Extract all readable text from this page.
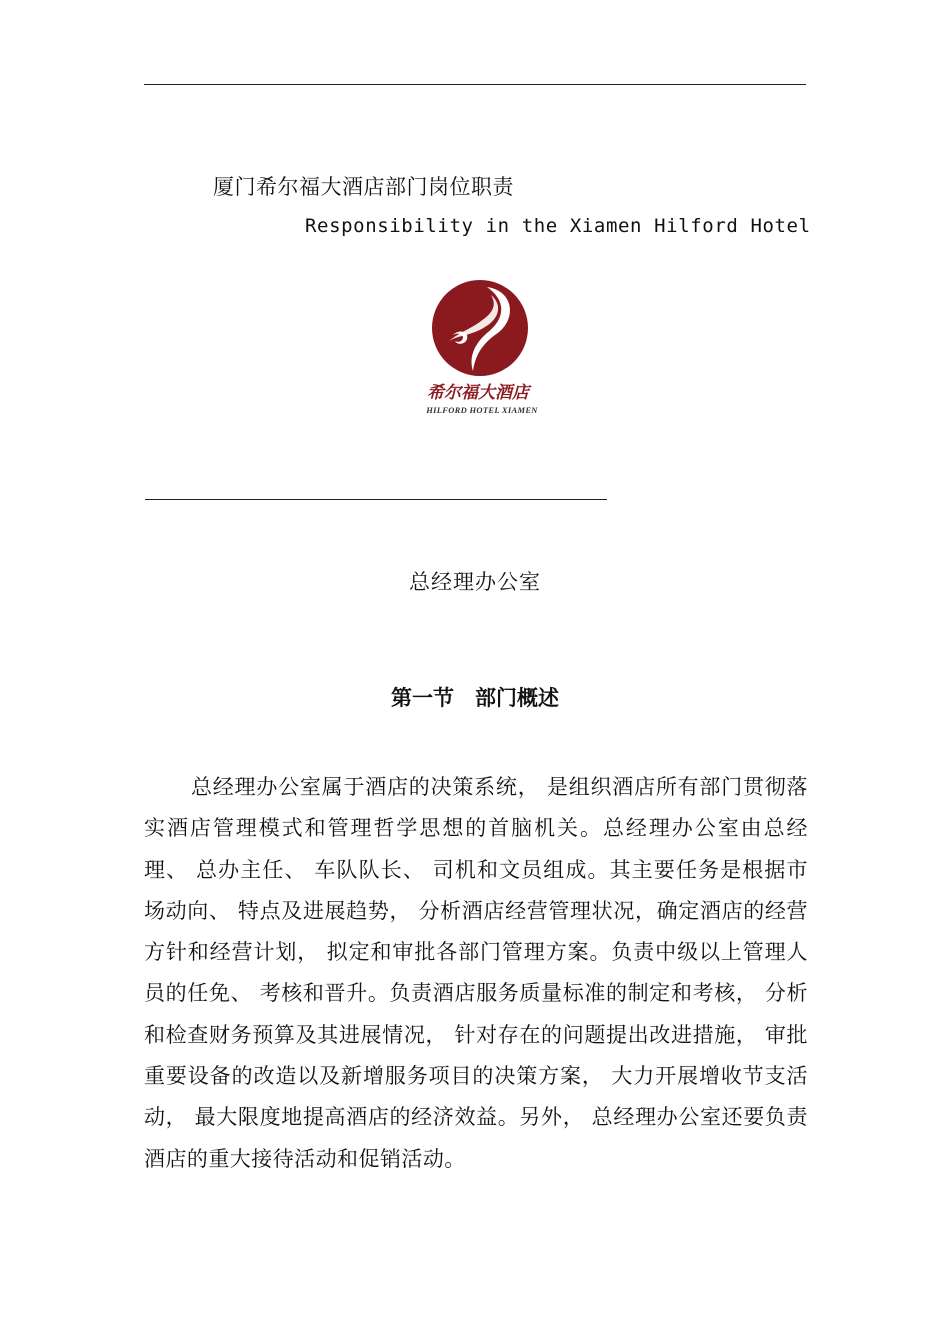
厦门希尔福大酒店部门岗位职责
Responsibility in the Xiamen Hilford Hotel
希尔福大酒店
HILFORD HOTEL XIAMEN
总经理办公室
第一节　部门概述

总经理办公室属于酒店的决策系统， 是组织酒店所有部门贯彻落实酒店管理模式和管理哲学思想的首脑机关。总经理办公室由总经理、 总办主任、 车队队长、 司机和文员组成。其主要任务是根据市场动向、 特点及进展趋势， 分析酒店经营管理状况，确定酒店的经营方针和经营计划， 拟定和审批各部门管理方案。负责中级以上管理人员的任免、 考核和晋升。负责酒店服务质量标准的制定和考核， 分析和检查财务预算及其进展情况， 针对存在的问题提出改进措施， 审批重要设备的改造以及新增服务项目的决策方案， 大力开展增收节支活动， 最大限度地提高酒店的经济效益。另外， 总经理办公室还要负责酒店的重大接待活动和促销活动。
